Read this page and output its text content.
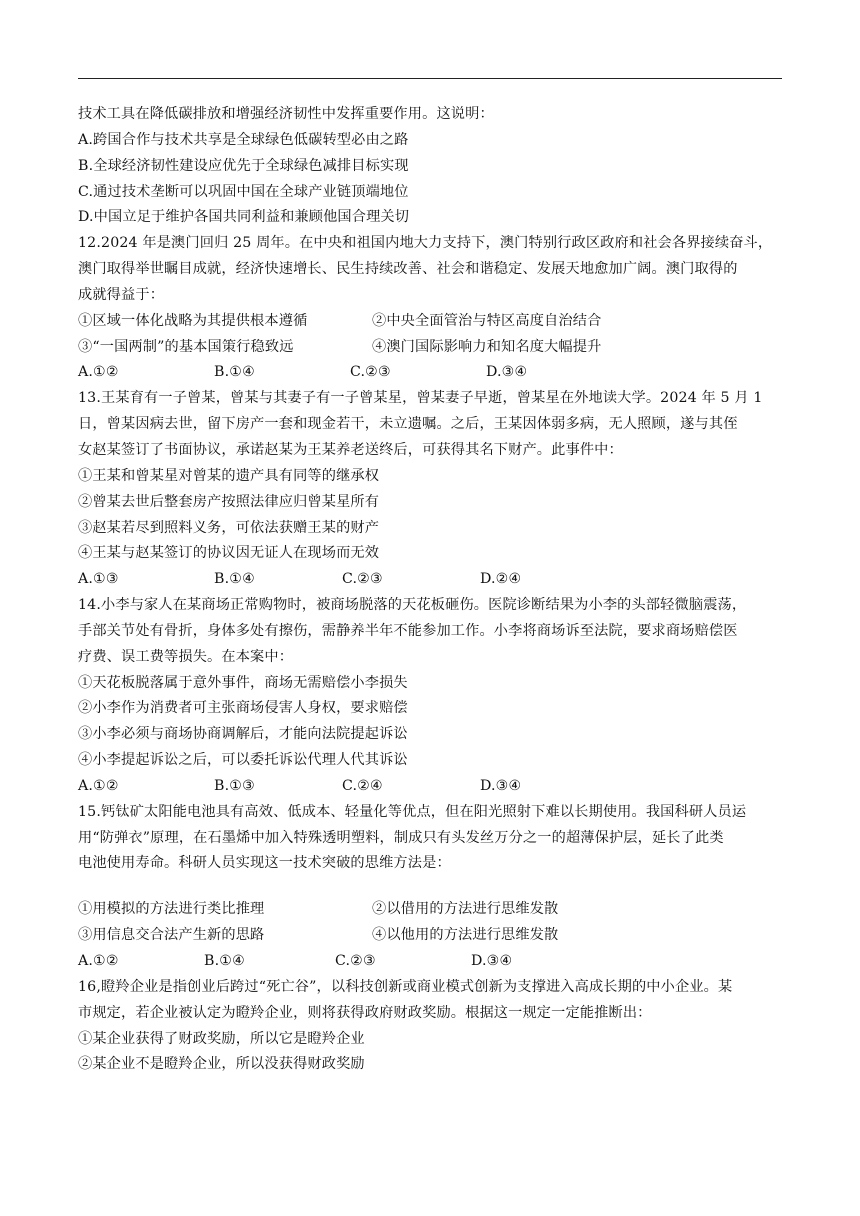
技术工具在降低碳排放和增强经济韧性中发挥重要作用。这说明：
A.跨国合作与技术共享是全球绿色低碳转型必由之路
B.全球经济韧性建设应优先于全球绿色减排目标实现
C.通过技术垄断可以巩固中国在全球产业链顶端地位
D.中国立足于维护各国共同利益和兼顾他国合理关切
12.2024 年是澳门回归 25 周年。在中央和祖国内地大力支持下，澳门特别行政区政府和社会各界接续奋斗，
澳门取得举世瞩目成就，经济快速增长、民生持续改善、社会和谐稳定、发展天地愈加广阔。澳门取得的
成就得益于：
①区域一体化战略为其提供根本遵循	②中央全面管治与特区高度自治结合
③“一国两制”的基本国策行稳致远	④澳门国际影响力和知名度大幅提升
A.①②	B.①④	C.②③	D.③④
13.王某育有一子曾某，曾某与其妻子有一子曾某星，曾某妻子早逝，曾某星在外地读大学。2024 年 5 月 1
日，曾某因病去世，留下房产一套和现金若干，未立遗嘱。之后，王某因体弱多病，无人照顾，遂与其侄
女赵某签订了书面协议，承诺赵某为王某养老送终后，可获得其名下财产。此事件中：
①王某和曾某星对曾某的遗产具有同等的继承权
②曾某去世后整套房产按照法律应归曾某星所有
③赵某若尽到照料义务，可依法获赠王某的财产
④王某与赵某签订的协议因无证人在现场而无效
A.①③	B.①④	C.②③	D.②④
14.小李与家人在某商场正常购物时，被商场脱落的天花板砸伤。医院诊断结果为小李的头部轻微脑震荡，
手部关节处有骨折，身体多处有擦伤，需静养半年不能参加工作。小李将商场诉至法院，要求商场赔偿医
疗费、误工费等损失。在本案中：
①天花板脱落属于意外事件，商场无需赔偿小李损失
②小李作为消费者可主张商场侵害人身权，要求赔偿
③小李必须与商场协商调解后，才能向法院提起诉讼
④小李提起诉讼之后，可以委托诉讼代理人代其诉讼
A.①②	B.①③	C.②④	D.③④
15.钙钛矿太阳能电池具有高效、低成本、轻量化等优点，但在阳光照射下难以长期使用。我国科研人员运
用“防弹衣”原理，在石墨烯中加入特殊透明塑料，制成只有头发丝万分之一的超薄保护层，延长了此类
电池使用寿命。科研人员实现这一技术突破的思维方法是：
①用模拟的方法进行类比推理	②以借用的方法进行思维发散
③用信息交合法产生新的思路	④以他用的方法进行思维发散
A.①②	B.①④	C.②③	D.③④
16,瞪羚企业是指创业后跨过“死亡谷”，以科技创新或商业模式创新为支撑进入高成长期的中小企业。某
市规定，若企业被认定为瞪羚企业，则将获得政府财政奖励。根据这一规定一定能推断出：
①某企业获得了财政奖励，所以它是瞪羚企业
②某企业不是瞪羚企业，所以没获得财政奖励
